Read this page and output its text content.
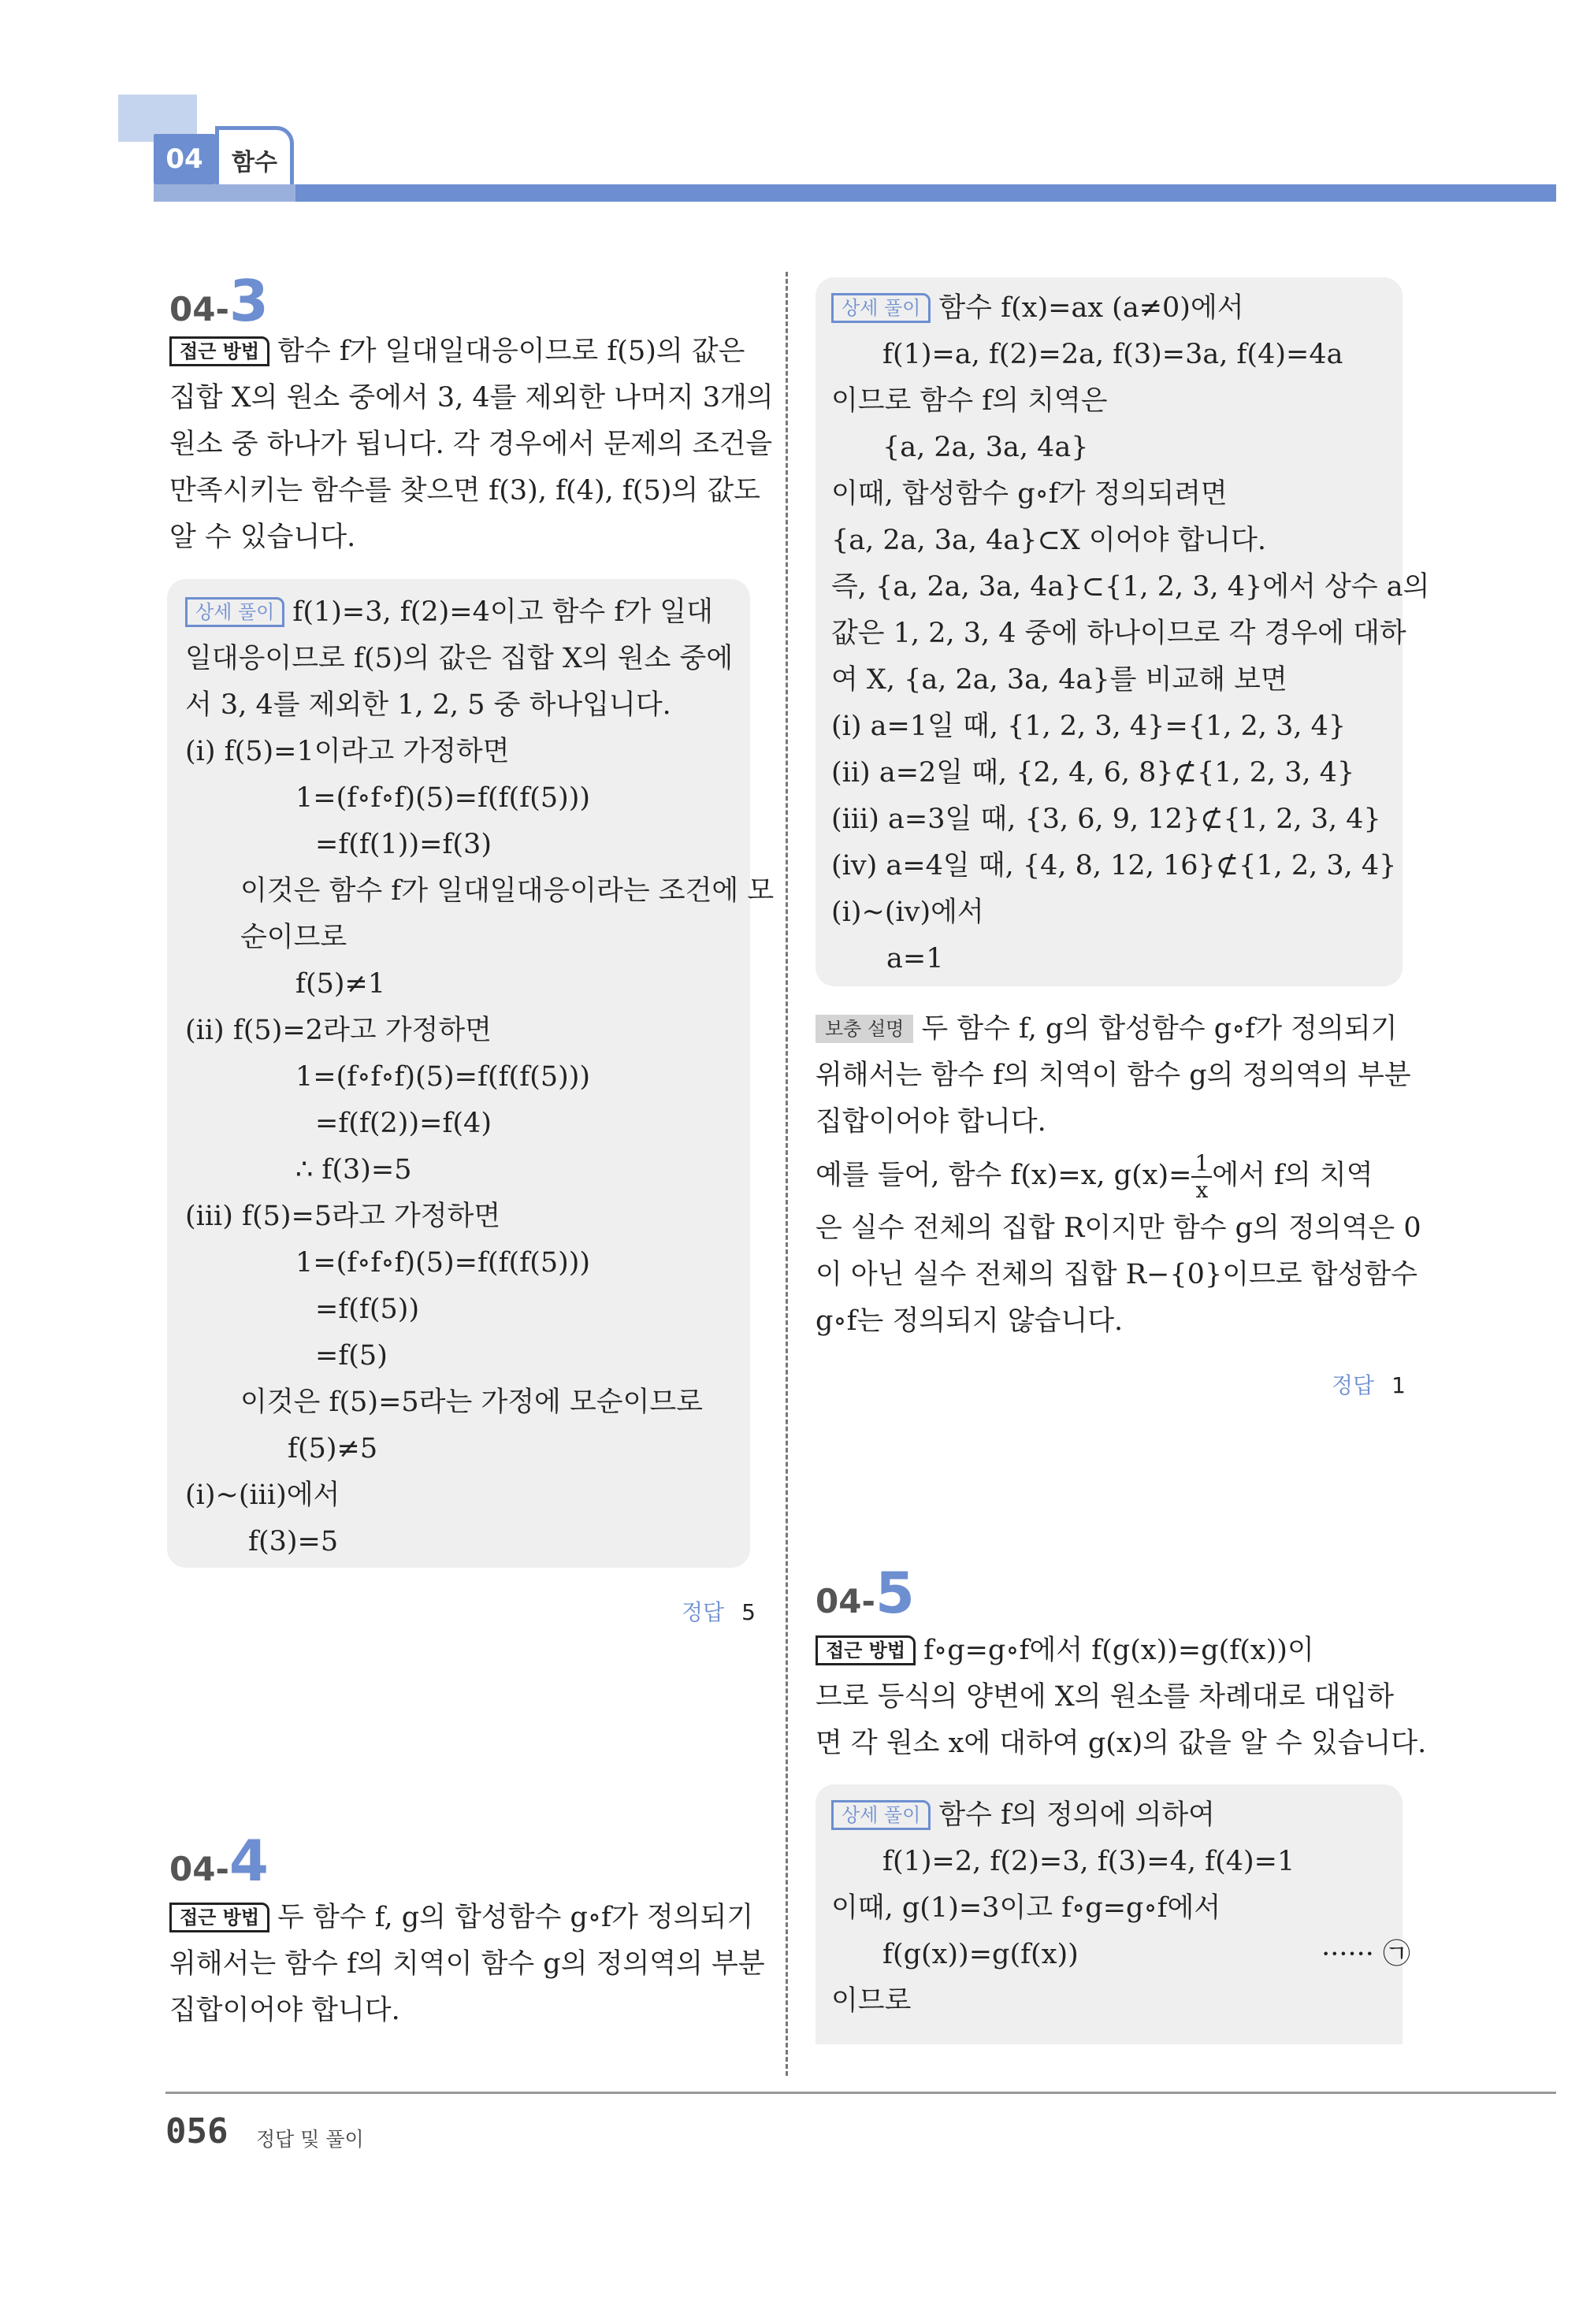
04	함수
04-3
접근 방법 함수 f가 일대일대응이므로 f(5)의 값은
집합 X의 원소 중에서 3, 4를 제외한 나머지 3개의
원소 중 하나가 됩니다. 각 경우에서 문제의 조건을
만족시키는 함수를 찾으면 f(3), f(4), f(5)의 값도
알 수 있습니다.
상세 풀이 f(1)=3, f(2)=4이고 함수 f가 일대
일대응이므로 f(5)의 값은 집합 X의 원소 중에
서 3, 4를 제외한 1, 2, 5 중 하나입니다.
(i) f(5)=1이라고 가정하면
1=(f∘f∘f)(5)=f(f(f(5)))
=f(f(1))=f(3)
이것은 함수 f가 일대일대응이라는 조건에 모
순이므로
f(5)≠1
(ii) f(5)=2라고 가정하면
1=(f∘f∘f)(5)=f(f(f(5)))
=f(f(2))=f(4)
∴ f(3)=5
(iii) f(5)=5라고 가정하면
1=(f∘f∘f)(5)=f(f(f(5)))
=f(f(5))
=f(5)
이것은 f(5)=5라는 가정에 모순이므로
f(5)≠5
(i)~(iii)에서
f(3)=5
정답 5
04-4
접근 방법 두 함수 f, g의 합성함수 g∘f가 정의되기
위해서는 함수 f의 치역이 함수 g의 정의역의 부분
집합이어야 합니다.
상세 풀이 함수 f(x)=ax (a≠0)에서
f(1)=a, f(2)=2a, f(3)=3a, f(4)=4a
이므로 함수 f의 치역은
{a, 2a, 3a, 4a}
이때, 합성함수 g∘f가 정의되려면
{a, 2a, 3a, 4a}⊂X 이어야 합니다.
즉, {a, 2a, 3a, 4a}⊂{1, 2, 3, 4}에서 상수 a의
값은 1, 2, 3, 4 중에 하나이므로 각 경우에 대하
여 X, {a, 2a, 3a, 4a}를 비교해 보면
(i) a=1일 때, {1, 2, 3, 4}={1, 2, 3, 4}
(ii) a=2일 때, {2, 4, 6, 8}⊄{1, 2, 3, 4}
(iii) a=3일 때, {3, 6, 9, 12}⊄{1, 2, 3, 4}
(iv) a=4일 때, {4, 8, 12, 16}⊄{1, 2, 3, 4}
(i)~(iv)에서
a=1
보충 설명 두 함수 f, g의 합성함수 g∘f가 정의되기
위해서는 함수 f의 치역이 함수 g의 정의역의 부분
집합이어야 합니다.
예를 들어, 함수 f(x)=x, $g(x)= \frac{1}{x}$ 에서 f의 치역
은 실수 전체의 집합 R이지만 함수 g의 정의역은 0
이 아닌 실수 전체의 집합 R−{0}이므로 합성함수
g∘f는 정의되지 않습니다.
정답 1
04-5
접근 방법 f∘g=g∘f에서 f(g(x))=g(f(x))이
므로 등식의 양변에 X의 원소를 차례대로 대입하
면 각 원소 x에 대하여 g(x)의 값을 알 수 있습니다.
상세 풀이 함수 f의 정의에 의하여
f(1)=2, f(2)=3, f(3)=4, f(4)=1
이때, g(1)=3이고 f∘g=g∘f에서
f(g(x))=g(f(x))	······ ㉠
이므로
056 정답 및 풀이
